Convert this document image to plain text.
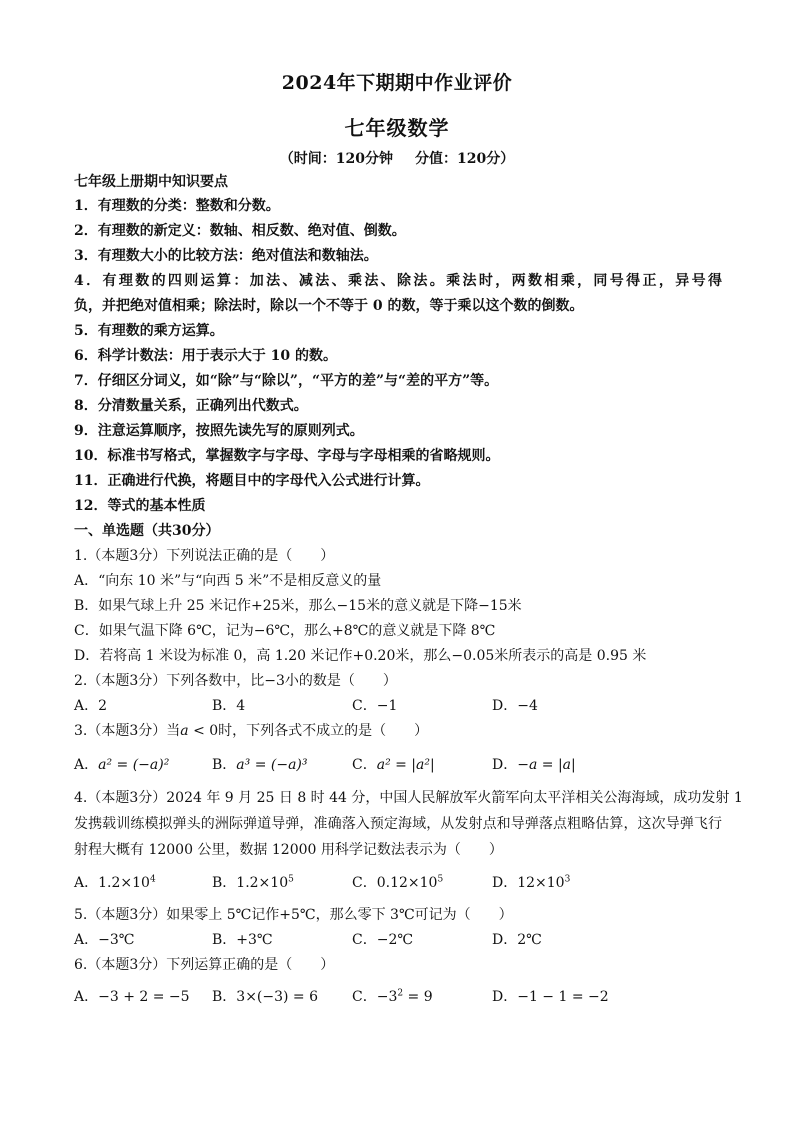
2024年下期期中作业评价
七年级数学
（时间：120分钟 分值：120分）
七年级上册期中知识要点
1．有理数的分类：整数和分数。
2．有理数的新定义：数轴、相反数、绝对值、倒数。
3．有理数大小的比较方法：绝对值法和数轴法。
4．有理数的四则运算：加法、减法、乘法、除法。乘法时，两数相乘，同号得正，异号得
负，并把绝对值相乘；除法时，除以一个不等于 0 的数，等于乘以这个数的倒数。
5．有理数的乘方运算。
6．科学计数法：用于表示大于 10 的数。
7．仔细区分词义，如“除”与“除以”，“平方的差”与“差的平方”等。
8．分清数量关系，正确列出代数式。
9．注意运算顺序，按照先读先写的原则列式。
10．标准书写格式，掌握数字与字母、字母与字母相乘的省略规则。
11．正确进行代换，将题目中的字母代入公式进行计算。
12．等式的基本性质
一、单选题（共30分）
1.（本题3分）下列说法正确的是（　　）
A．“向东 10 米”与“向西 5 米”不是相反意义的量
B．如果气球上升 25 米记作+25米，那么−15米的意义就是下降−15米
C．如果气温下降 6℃，记为−6℃，那么+8℃的意义就是下降 8℃
D．若将高 1 米设为标准 0，高 1.20 米记作+0.20米，那么−0.05米所表示的高是 0.95 米
2.（本题3分）下列各数中，比−3小的数是（　　）
A．2	B．4	C．−1	D．−4
3.（本题3分）当a < 0时，下列各式不成立的是（　　）
A．a² = (−a)²	B．a³ = (−a)³	C．a² = |a²|	D．−a = |a|
4.（本题3分）2024 年 9 月 25 日 8 时 44 分，中国人民解放军火箭军向太平洋相关公海海域，成功发射 1
发携载训练模拟弹头的洲际弹道导弹，准确落入预定海域，从发射点和导弹落点粗略估算，这次导弹飞行
射程大概有 12000 公里，数据 12000 用科学记数法表示为（　　）
A．$1.2\times 10^4$	B．$1.2\times 10^5$	C．$0.12\times 10^5$	D．$12\times 10^3$
5.（本题3分）如果零上 5℃记作+5℃，那么零下 3℃可记为（　　）
A．−3℃	B．+3℃	C．−2℃	D．2℃
6.（本题3分）下列运算正确的是（　　）
A．−3 + 2 = −5 B．3×(−3) = 6 C．$-3^2 = 9$	D．−1 − 1 = −2
